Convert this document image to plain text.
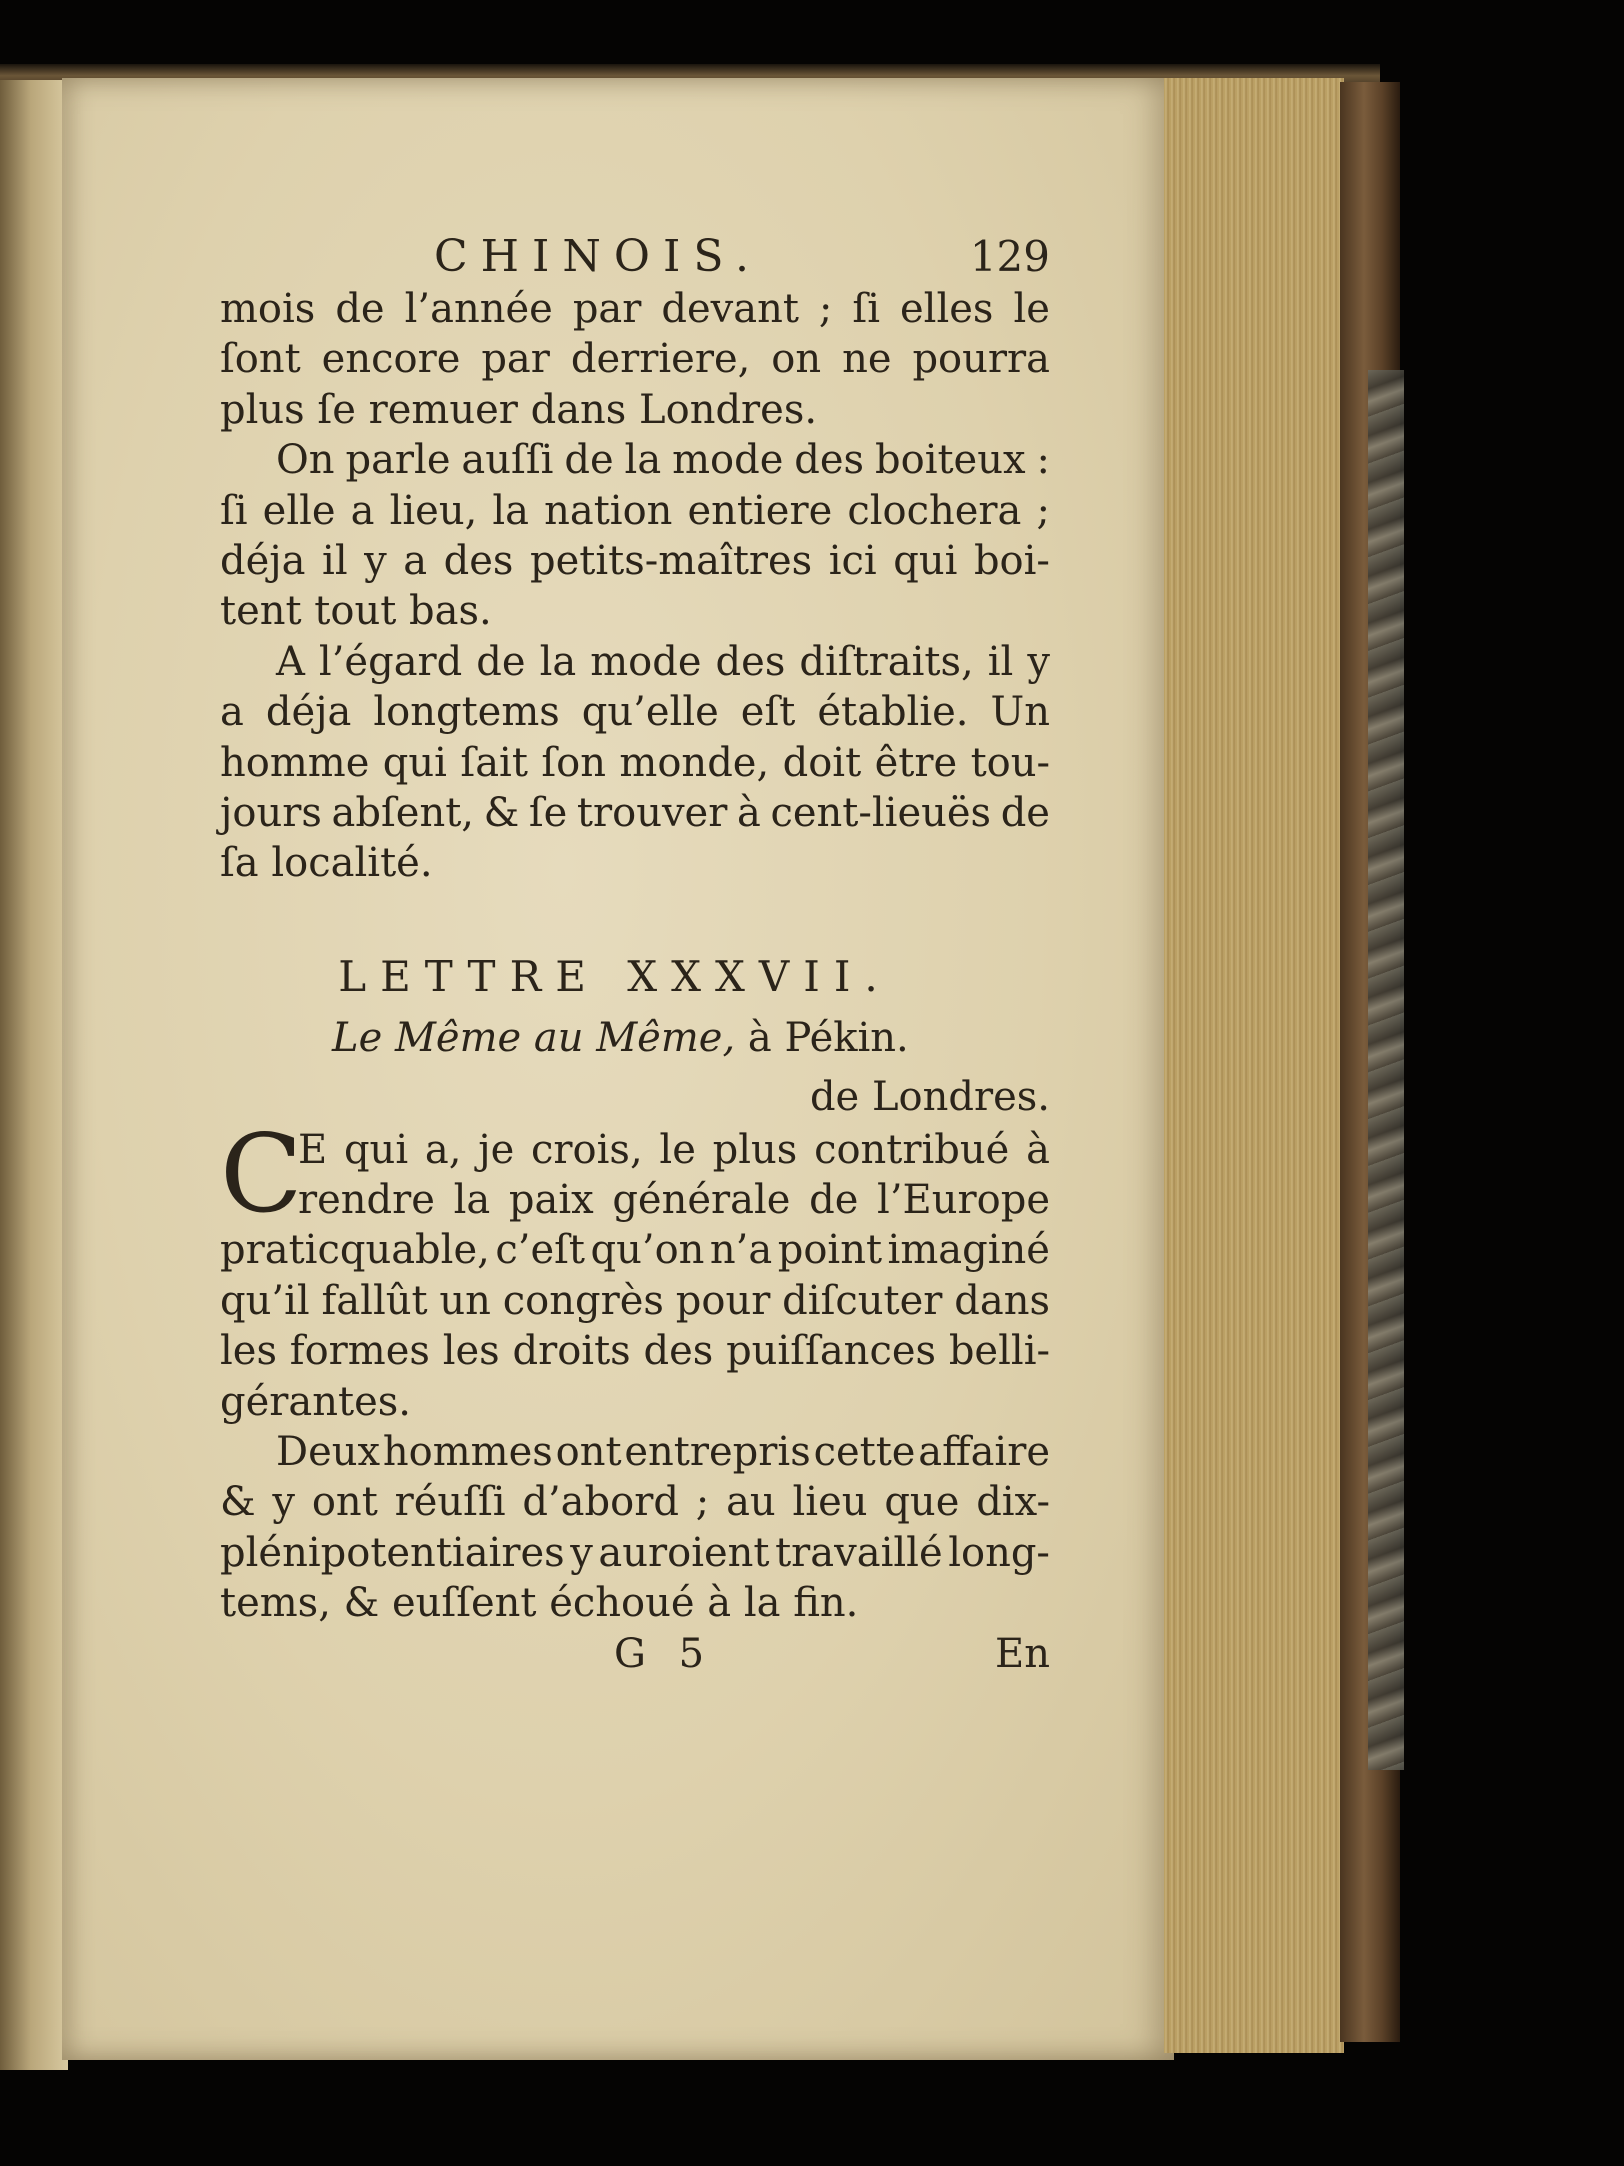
CHINOIS.	129
mois de l’année par devant ; ſi elles le
ſont encore par derriere, on ne pourra
plus ſe remuer dans Londres.
On parle auſſi de la mode des boiteux :
ſi elle a lieu, la nation entiere clochera ;
déja il y a des petits-maîtres ici qui boi-
tent tout bas.
A l’égard de la mode des diſtraits, il y
a déja longtems qu’elle eſt établie. Un
homme qui ſait ſon monde, doit être tou-
jours abſent, & ſe trouver à cent-lieuës de
ſa localité.
LETTRE XXXVII.
Le Même au Même, à Pékin.
de Londres.
C
E qui a, je crois, le plus contribué à
rendre la paix générale de l’Europe
praticquable, c’eſt qu’on n’a point imaginé
qu’il fallût un congrès pour diſcuter dans
les formes les droits des puiſſances belli-
gérantes.
Deux hommes ont entrepris cette affaire
& y ont réuſſi d’abord ; au lieu que dix-
plénipotentiaires y auroient travaillé long-
tems, & euſſent échoué à la fin.
G 5	En
